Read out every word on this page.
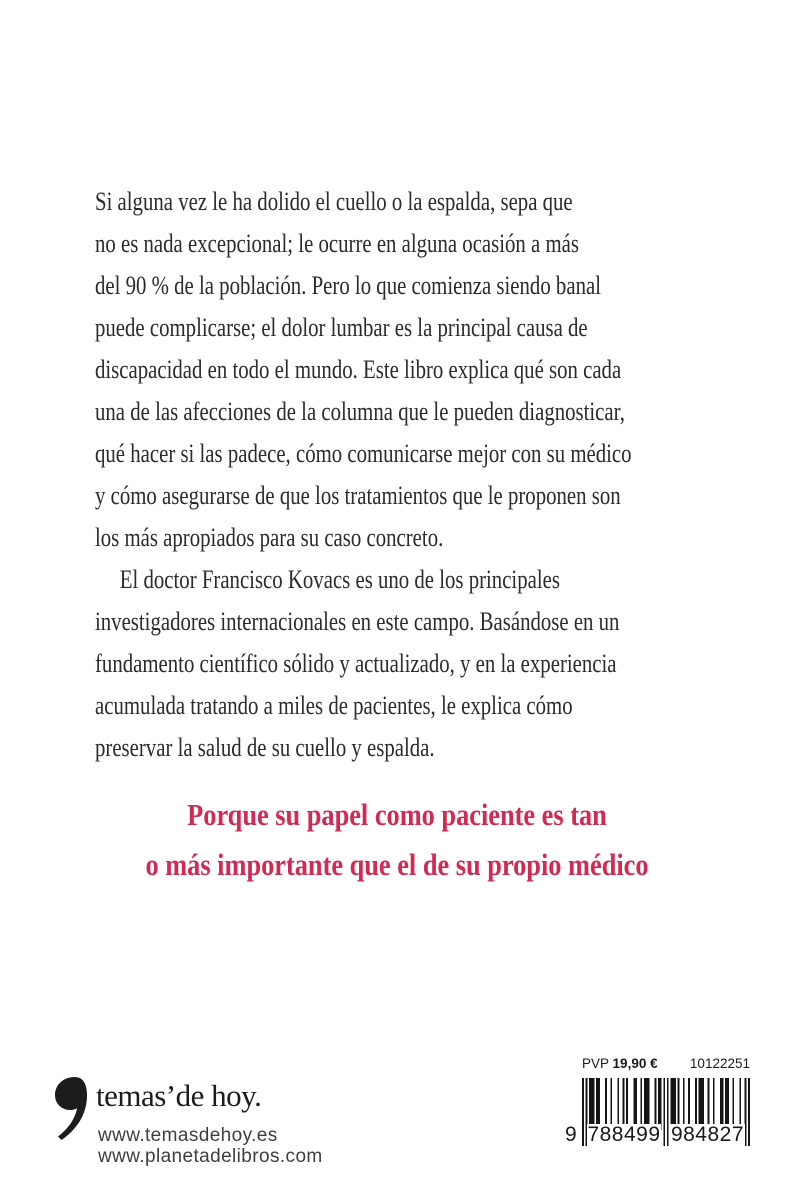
Si alguna vez le ha dolido el cuello o la espalda, sepa que
no es nada excepcional; le ocurre en alguna ocasión a más
del 90 % de la población. Pero lo que comienza siendo banal
puede complicarse; el dolor lumbar es la principal causa de
discapacidad en todo el mundo. Este libro explica qué son cada
una de las afecciones de la columna que le pueden diagnosticar,
qué hacer si las padece, cómo comunicarse mejor con su médico
y cómo asegurarse de que los tratamientos que le proponen son
los más apropiados para su caso concreto.
El doctor Francisco Kovacs es uno de los principales
investigadores internacionales en este campo. Basándose en un
fundamento científico sólido y actualizado, y en la experiencia
acumulada tratando a miles de pacientes, le explica cómo
preservar la salud de su cuello y espalda.
Porque su papel como paciente es tan
o más importante que el de su propio médico
temas’de hoy.
www.temasdehoy.es
www.planetadelibros.com
PVP 19,90 € 10122251
9 788499 984827
